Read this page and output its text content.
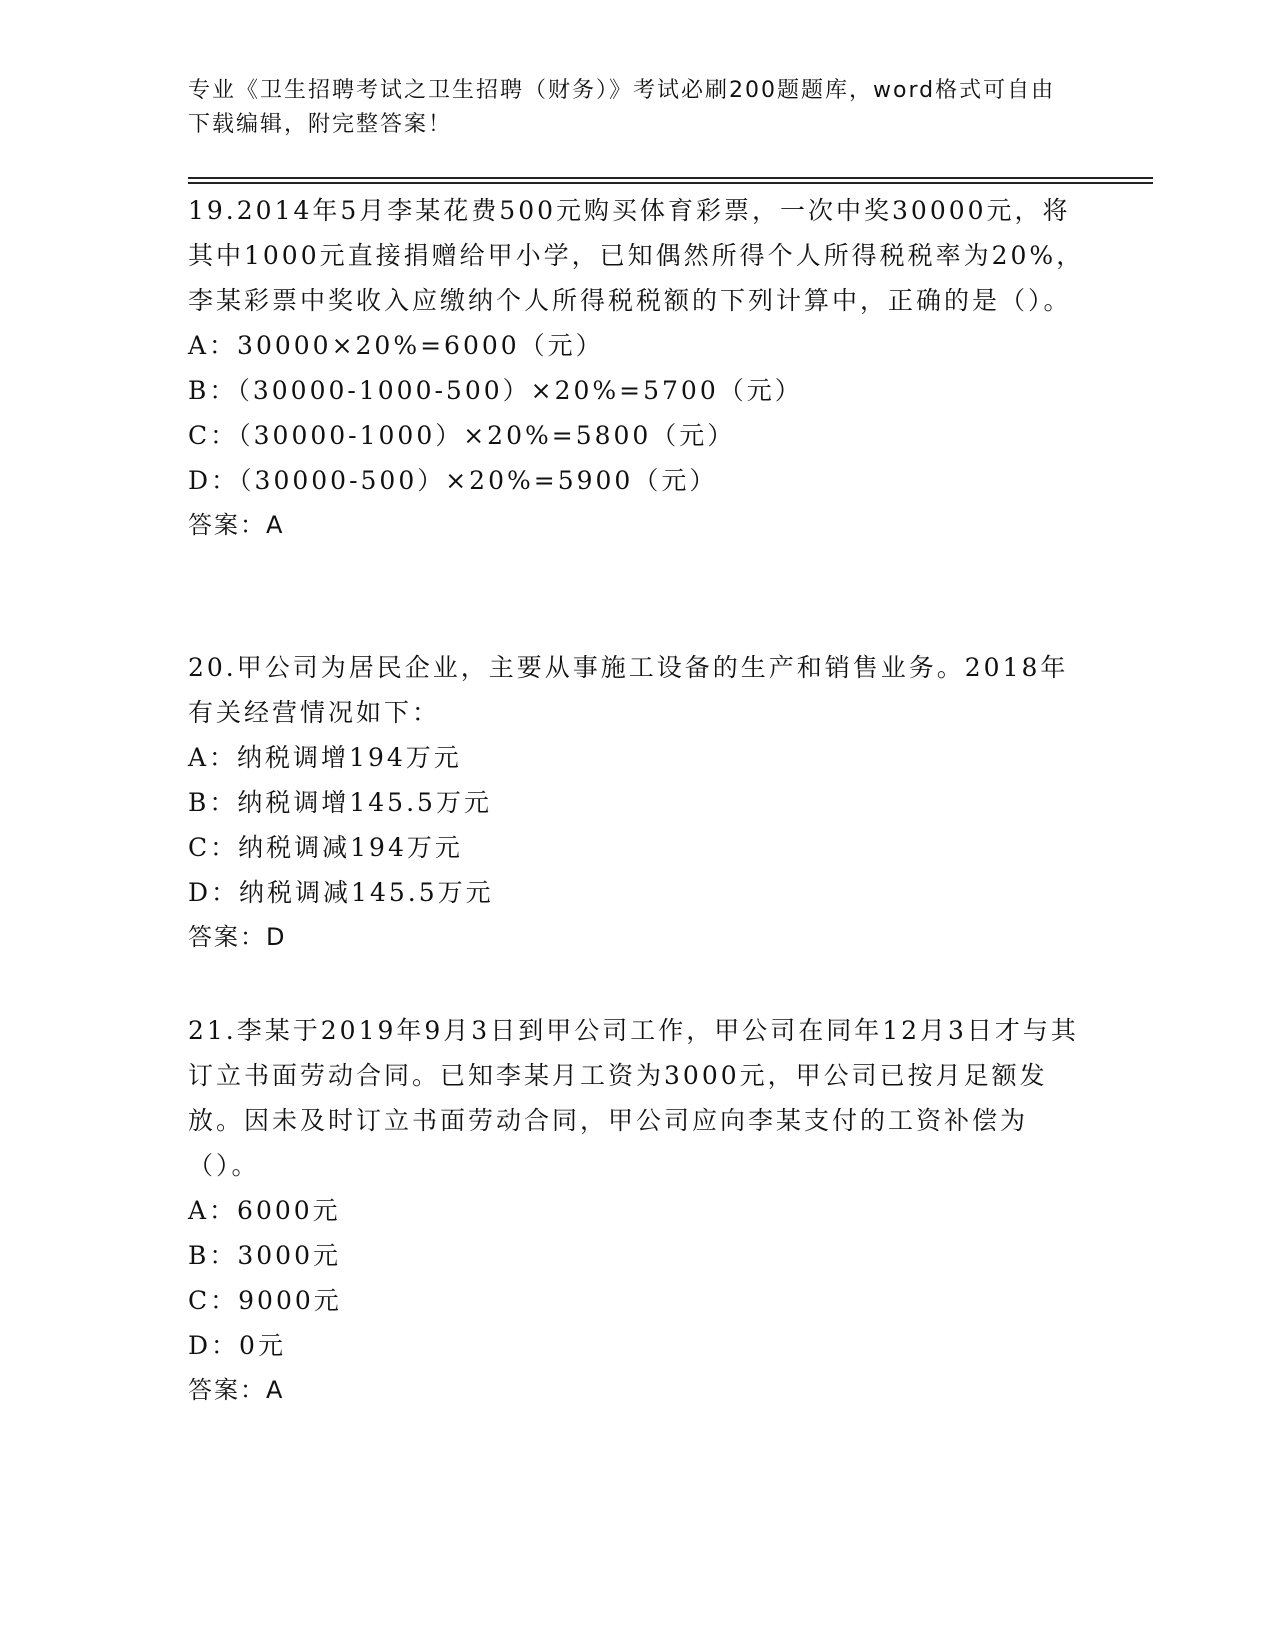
专业《卫生招聘考试之卫生招聘（财务）》考试必刷200题题库，word格式可自由下载编辑，附完整答案！
19.2014年5月李某花费500元购买体育彩票，一次中奖30000元，将其中1000元直接捐赠给甲小学，已知偶然所得个人所得税税率为20%，李某彩票中奖收入应缴纳个人所得税税额的下列计算中，正确的是（）。
A：30000×20%=6000（元）
B：（30000-1000-500）×20%=5700（元）
C：（30000-1000）×20%=5800（元）
D：（30000-500）×20%=5900（元）
答案：A
20.甲公司为居民企业，主要从事施工设备的生产和销售业务。2018年有关经营情况如下：
A：纳税调增194万元
B：纳税调增145.5万元
C：纳税调减194万元
D：纳税调减145.5万元
答案：D
21.李某于2019年9月3日到甲公司工作，甲公司在同年12月3日才与其订立书面劳动合同。已知李某月工资为3000元，甲公司已按月足额发放。因未及时订立书面劳动合同，甲公司应向李某支付的工资补偿为（）。
A：6000元
B：3000元
C：9000元
D：0元
答案：A
